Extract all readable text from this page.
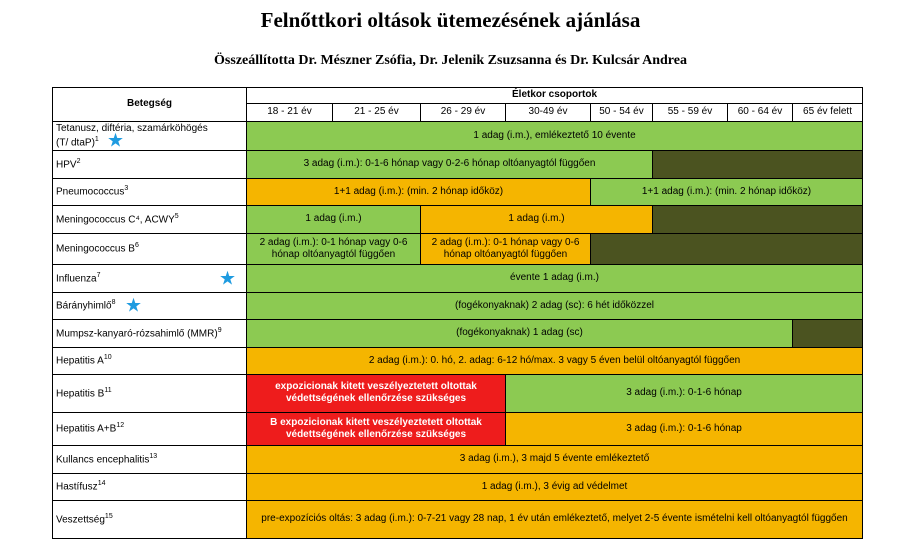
Felnőttkori oltások ütemezésének ajánlása
Összeállította Dr. Mészner Zsófia, Dr. Jelenik Zsuzsanna és Dr. Kulcsár Andrea
Betegség	Életkor csoportok							
	18 - 21 év	21 - 25 év	26 - 29 év	30-49 év	50 - 54 év	55 - 59 év	60 - 64 év	65 év felett
Tetanusz, diftéria, szamárköhögés (T/ dtaP)$^1$ ★	1 adag (i.m.), emlékeztető 10 évente							
HPV$^2$	3 adag (i.m.): 0-1-6 hónap vagy 0-2-6 hónap oltóanyagtól függően							
Pneumococcus$^3$	1+1 adag (i.m.): (min. 2 hónap időköz)				1+1 adag (i.m.): (min. 2 hónap időköz)			
Meningococcus C⁴, ACWY$^5$	1 adag (i.m.)		1 adag (i.m.)					
Meningococcus $B^6$	2 adag (i.m.): 0-1 hónap vagy 0-6 hónap oltóanyagtól függően		2 adag (i.m.): 0-1 hónap vagy 0-6 hónap oltóanyagtól függően					
Influenza$^7$ ★	évente 1 adag (i.m.)							
Bárányhimlő$^8$ ★	(fogékonyaknak) 2 adag (sc): 6 hét időközzel							
Mumpsz-kanyaró-rózsahimlő (MMR)$^9$	(fogékonyaknak) 1 adag (sc)							
Hepatitis $A^{10}$	2 adag (i.m.): 0. hó, 2. adag: 6-12 hó/max. 3 vagy 5 éven belül oltóanyagtól függően							
Hepatitis $B^{11}$	expozicionak kitett veszélyeztetett oltottak védettségének ellenőrzése szükséges			3 adag (i.m.): 0-1-6 hónap				
Hepatitis $A+B^{12}$	B expozicionak kitett veszélyeztetett oltottak védettségének ellenőrzése szükséges			3 adag (i.m.): 0-1-6 hónap				
Kullancs encephalitis$^{13}$	3 adag (i.m.), 3 majd 5 évente emlékeztető							
Hastífusz$^{14}$	1 adag (i.m.), 3 évig ad védelmet							
Veszettség$^{15}$	pre-expozíciós oltás: 3 adag (i.m.): 0-7-21 vagy 28 nap, 1 év után emlékeztető, melyet 2-5 évente ismételni kell oltóanyagtól függően							
